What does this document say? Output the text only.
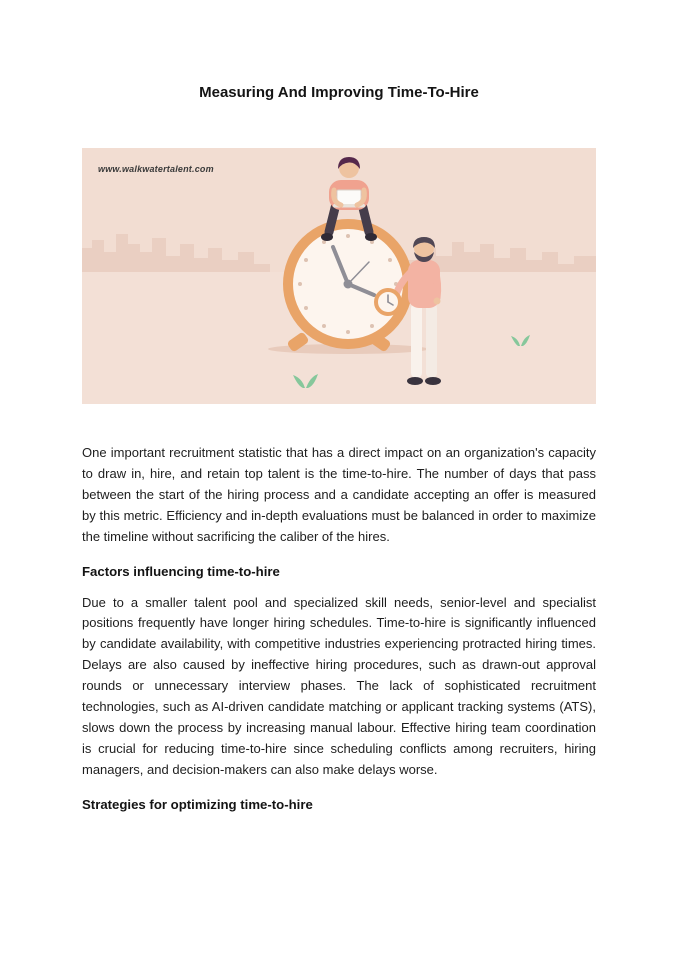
Measuring And Improving Time-To-Hire
www.walkwatertalent.com

One important recruitment statistic that has a direct impact on an organization's capacity to draw in, hire, and retain top talent is the time-to-hire. The number of days that pass between the start of the hiring process and a candidate accepting an offer is measured by this metric. Efficiency and in-depth evaluations must be balanced in order to maximize the timeline without sacrificing the caliber of the hires.

Factors influencing time-to-hire

Due to a smaller talent pool and specialized skill needs, senior-level and specialist positions frequently have longer hiring schedules. Time-to-hire is significantly influenced by candidate availability, with competitive industries experiencing protracted hiring times. Delays are also caused by ineffective hiring procedures, such as drawn-out approval rounds or unnecessary interview phases. The lack of sophisticated recruitment technologies, such as AI-driven candidate matching or applicant tracking systems (ATS), slows down the process by increasing manual labour. Effective hiring team coordination is crucial for reducing time-to-hire since scheduling conflicts among recruiters, hiring managers, and decision-makers can also make delays worse.

Strategies for optimizing time-to-hire
